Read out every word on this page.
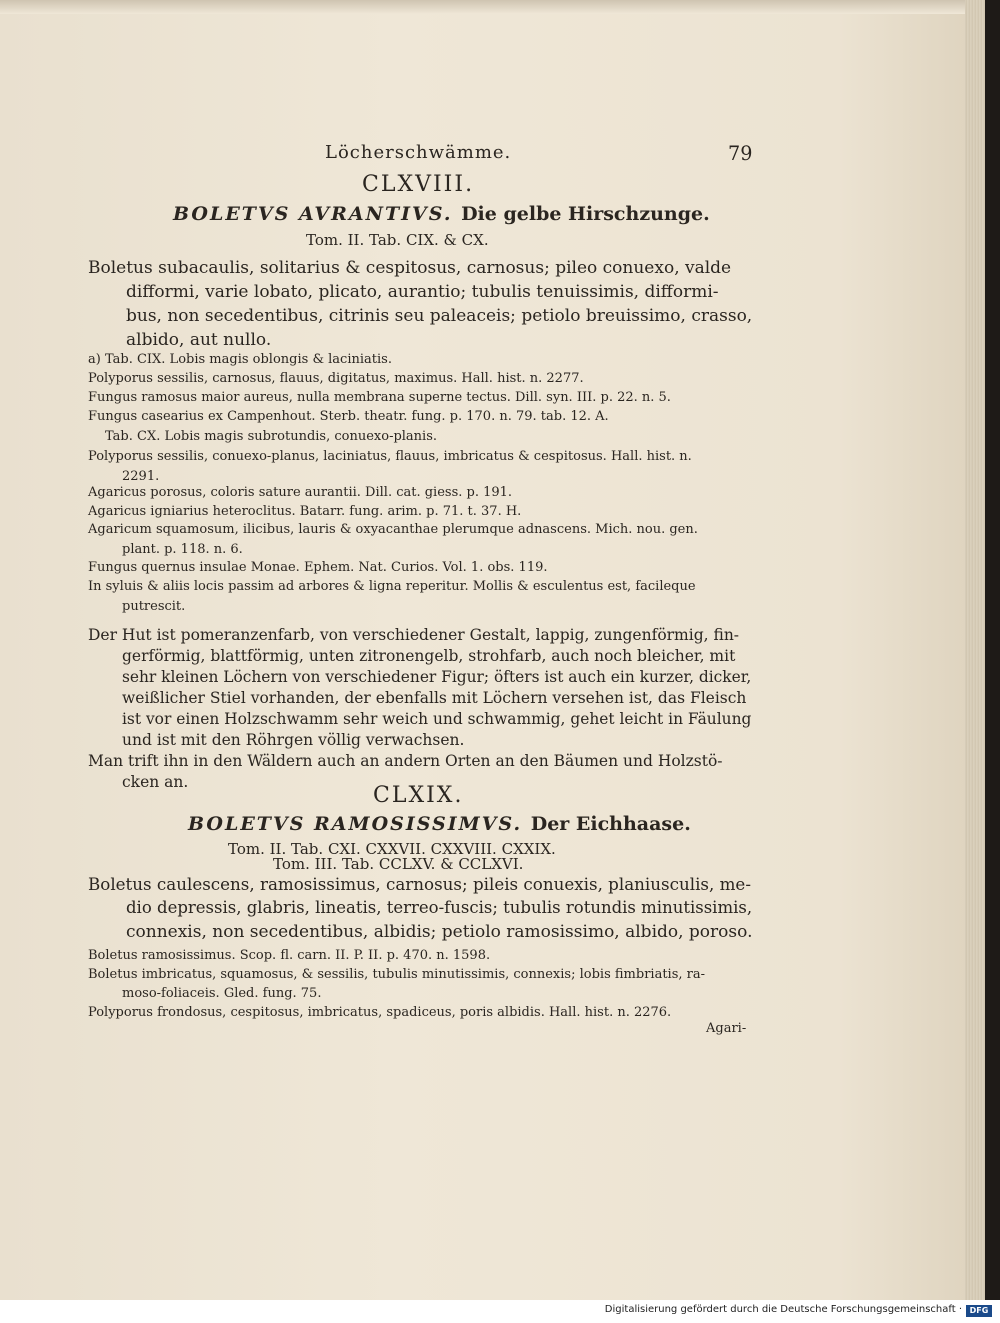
Löcherschwämme.	79
CLXVIII.
BOLETVS AVRANTIVS. Die gelbe Hirschzunge.
Tom. II. Tab. CIX. & CX.
Boletus subacaulis, solitarius & cespitosus, carnosus; pileo conuexo, valde
difformi, varie lobato, plicato, aurantio; tubulis tenuissimis, difformi-
bus, non secedentibus, citrinis seu paleaceis; petiolo breuissimo, crasso,
albido, aut nullo.
a) Tab. CIX. Lobis magis oblongis & laciniatis.
Polyporus sessilis, carnosus, flauus, digitatus, maximus. Hall. hist. n. 2277.
Fungus ramosus maior aureus, nulla membrana superne tectus. Dill. syn. III. p. 22. n. 5.
Fungus casearius ex Campenhout. Sterb. theatr. fung. p. 170. n. 79. tab. 12. A.
Tab. CX. Lobis magis subrotundis, conuexo-planis.
Polyporus sessilis, conuexo-planus, laciniatus, flauus, imbricatus & cespitosus. Hall. hist. n.
2291.
Agaricus porosus, coloris sature aurantii. Dill. cat. giess. p. 191.
Agaricus igniarius heteroclitus. Batarr. fung. arim. p. 71. t. 37. H.
Agaricum squamosum, ilicibus, lauris & oxyacanthae plerumque adnascens. Mich. nou. gen.
plant. p. 118. n. 6.
Fungus quernus insulae Monae. Ephem. Nat. Curios. Vol. 1. obs. 119.
In syluis & aliis locis passim ad arbores & ligna reperitur. Mollis & esculentus est, facileque
putrescit.
Der Hut ist pomeranzenfarb, von verschiedener Gestalt, lappig, zungenförmig, fin-
gerförmig, blattförmig, unten zitronengelb, strohfarb, auch noch bleicher, mit
sehr kleinen Löchern von verschiedener Figur; öfters ist auch ein kurzer, dicker,
weißlicher Stiel vorhanden, der ebenfalls mit Löchern versehen ist, das Fleisch
ist vor einen Holzschwamm sehr weich und schwammig, gehet leicht in Fäulung
und ist mit den Röhrgen völlig verwachsen.
Man trift ihn in den Wäldern auch an andern Orten an den Bäumen und Holzstö-
cken an.
CLXIX.
BOLETVS RAMOSISSIMVS. Der Eichhaase.
Tom. II. Tab. CXI. CXXVII. CXXVIII. CXXIX.
Tom. III. Tab. CCLXV. & CCLXVI.
Boletus caulescens, ramosissimus, carnosus; pileis conuexis, planiusculis, me-
dio depressis, glabris, lineatis, terreo-fuscis; tubulis rotundis minutissimis,
connexis, non secedentibus, albidis; petiolo ramosissimo, albido, poroso.
Boletus ramosissimus. Scop. fl. carn. II. P. II. p. 470. n. 1598.
Boletus imbricatus, squamosus, & sessilis, tubulis minutissimis, connexis; lobis fimbriatis, ra-
moso-foliaceis. Gled. fung. 75.
Polyporus frondosus, cespitosus, imbricatus, spadiceus, poris albidis. Hall. hist. n. 2276.
Agari-
Digitalisierung gefördert durch die Deutsche Forschungsgemeinschaft · DFG
